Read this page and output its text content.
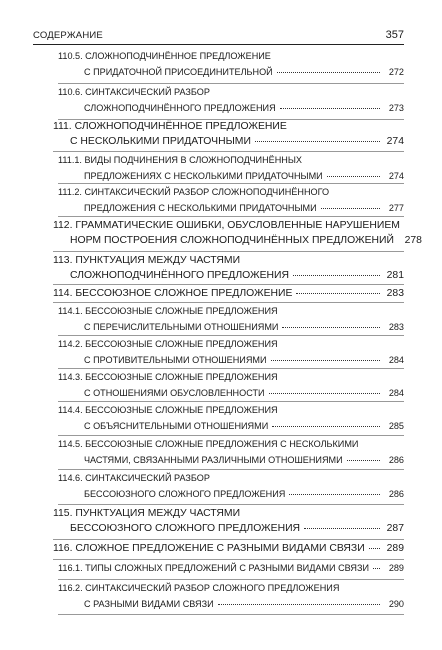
СОДЕРЖАНИЕ	357
110.5. СЛОЖНОПОДЧИНЁННОЕ ПРЕДЛОЖЕНИЕ
С ПРИДАТОЧНОЙ ПРИСОЕДИНИТЕЛЬНОЙ	272
110.6. СИНТАКСИЧЕСКИЙ РАЗБОР
СЛОЖНОПОДЧИНЁННОГО ПРЕДЛОЖЕНИЯ	273
111. СЛОЖНОПОДЧИНЁННОЕ ПРЕДЛОЖЕНИЕ
С НЕСКОЛЬКИМИ ПРИДАТОЧНЫМИ	274
111.1. ВИДЫ ПОДЧИНЕНИЯ В СЛОЖНОПОДЧИНЁННЫХ
ПРЕДЛОЖЕНИЯХ С НЕСКОЛЬКИМИ ПРИДАТОЧНЫМИ	274
111.2. СИНТАКСИЧЕСКИЙ РАЗБОР СЛОЖНОПОДЧИНЁННОГО
ПРЕДЛОЖЕНИЯ С НЕСКОЛЬКИМИ ПРИДАТОЧНЫМИ	277
112. ГРАММАТИЧЕСКИЕ ОШИБКИ, ОБУСЛОВЛЕННЫЕ НАРУШЕНИЕМ
НОРМ ПОСТРОЕНИЯ СЛОЖНОПОДЧИНЁННЫХ ПРЕДЛОЖЕНИЙ 278
113. ПУНКТУАЦИЯ МЕЖДУ ЧАСТЯМИ
СЛОЖНОПОДЧИНЁННОГО ПРЕДЛОЖЕНИЯ	281
114. БЕССОЮЗНОЕ СЛОЖНОЕ ПРЕДЛОЖЕНИЕ	283
114.1. БЕССОЮЗНЫЕ СЛОЖНЫЕ ПРЕДЛОЖЕНИЯ
С ПЕРЕЧИСЛИТЕЛЬНЫМИ ОТНОШЕНИЯМИ	283
114.2. БЕССОЮЗНЫЕ СЛОЖНЫЕ ПРЕДЛОЖЕНИЯ
С ПРОТИВИТЕЛЬНЫМИ ОТНОШЕНИЯМИ	284
114.3. БЕССОЮЗНЫЕ СЛОЖНЫЕ ПРЕДЛОЖЕНИЯ
С ОТНОШЕНИЯМИ ОБУСЛОВЛЕННОСТИ	284
114.4. БЕССОЮЗНЫЕ СЛОЖНЫЕ ПРЕДЛОЖЕНИЯ
С ОБЪЯСНИТЕЛЬНЫМИ ОТНОШЕНИЯМИ	285
114.5. БЕССОЮЗНЫЕ СЛОЖНЫЕ ПРЕДЛОЖЕНИЯ С НЕСКОЛЬКИМИ
ЧАСТЯМИ, СВЯЗАННЫМИ РАЗЛИЧНЫМИ ОТНОШЕНИЯМИ	286
114.6. СИНТАКСИЧЕСКИЙ РАЗБОР
БЕССОЮЗНОГО СЛОЖНОГО ПРЕДЛОЖЕНИЯ	286
115. ПУНКТУАЦИЯ МЕЖДУ ЧАСТЯМИ
БЕССОЮЗНОГО СЛОЖНОГО ПРЕДЛОЖЕНИЯ	287
116. СЛОЖНОЕ ПРЕДЛОЖЕНИЕ С РАЗНЫМИ ВИДАМИ СВЯЗИ 289
116.1. ТИПЫ СЛОЖНЫХ ПРЕДЛОЖЕНИЙ С РАЗНЫМИ ВИДАМИ СВЯЗИ	289
116.2. СИНТАКСИЧЕСКИЙ РАЗБОР СЛОЖНОГО ПРЕДЛОЖЕНИЯ
С РАЗНЫМИ ВИДАМИ СВЯЗИ	290
